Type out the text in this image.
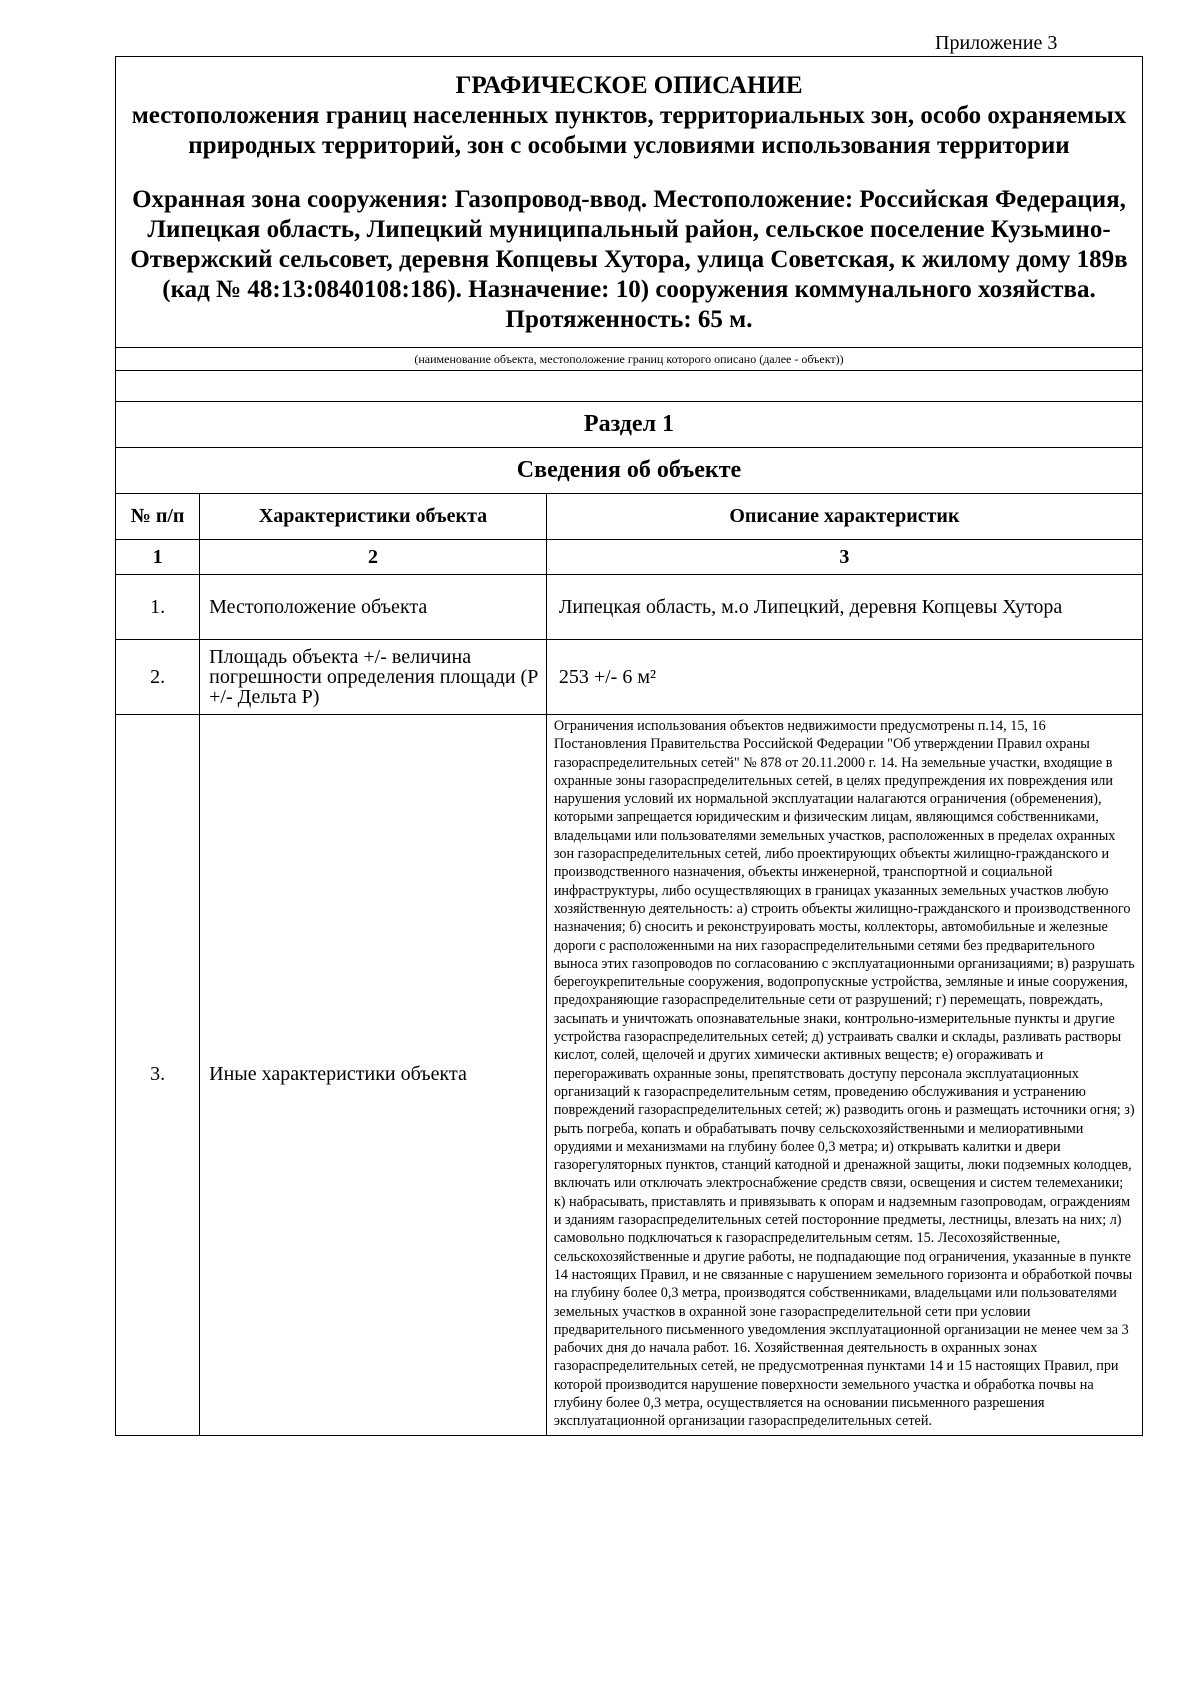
Приложение 3
ГРАФИЧЕСКОЕ ОПИСАНИЕ
местоположения границ населенных пунктов, территориальных зон, особо охраняемых природных территорий, зон с особыми условиями использования территории
Охранная зона сооружения: Газопровод-ввод. Местоположение: Российская Федерация, Липецкая область, Липецкий муниципальный район, сельское поселение Кузьмино-Отвержский сельсовет, деревня Копцевы Хутора, улица Советская, к жилому дому 189в (кад № 48:13:0840108:186). Назначение: 10) сооружения коммунального хозяйства. Протяженность: 65 м.
(наименование объекта, местоположение границ которого описано (далее - объект))
Раздел 1
Сведения об объекте
№ п/п	Характеристики объекта	Описание характеристик
1	2	3
1.	Местоположение объекта	Липецкая область, м.о Липецкий, деревня Копцевы Хутора
2.	Площадь объекта +/- величина погрешности определения площади (Р +/- Дельта Р)	253 +/- 6 м²
3.	Иные характеристики объекта	Ограничения использования объектов недвижимости предусмотрены п.14, 15, 16 Постановления Правительства Российской Федерации "Об утверждении Правил охраны газораспределительных сетей" № 878 от 20.11.2000 г. 14. На земельные участки, входящие в охранные зоны газораспределительных сетей, в целях предупреждения их повреждения или нарушения условий их нормальной эксплуатации налагаются ограничения (обременения), которыми запрещается юридическим и физическим лицам, являющимся собственниками, владельцами или пользователями земельных участков, расположенных в пределах охранных зон газораспределительных сетей, либо проектирующих объекты жилищно-гражданского и производственного назначения, объекты инженерной, транспортной и социальной инфраструктуры, либо осуществляющих в границах указанных земельных участков любую хозяйственную деятельность: а) строить объекты жилищно-гражданского и производственного назначения; б) сносить и реконструировать мосты, коллекторы, автомобильные и железные дороги с расположенными на них газораспределительными сетями без предварительного выноса этих газопроводов по согласованию с эксплуатационными организациями; в) разрушать берегоукрепительные сооружения, водопропускные устройства, земляные и иные сооружения, предохраняющие газораспределительные сети от разрушений; г) перемещать, повреждать, засыпать и уничтожать опознавательные знаки, контрольно-измерительные пункты и другие устройства газораспределительных сетей; д) устраивать свалки и склады, разливать растворы кислот, солей, щелочей и других химически активных веществ; е) огораживать и перегораживать охранные зоны, препятствовать доступу персонала эксплуатационных организаций к газораспределительным сетям, проведению обслуживания и устранению повреждений газораспределительных сетей; ж) разводить огонь и размещать источники огня; з) рыть погреба, копать и обрабатывать почву сельскохозяйственными и мелиоративными орудиями и механизмами на глубину более 0,3 метра; и) открывать калитки и двери газорегуляторных пунктов, станций катодной и дренажной защиты, люки подземных колодцев, включать или отключать электроснабжение средств связи, освещения и систем телемеханики; к) набрасывать, приставлять и привязывать к опорам и надземным газопроводам, ограждениям и зданиям газораспределительных сетей посторонние предметы, лестницы, влезать на них; л) самовольно подключаться к газораспределительным сетям. 15. Лесохозяйственные, сельскохозяйственные и другие работы, не подпадающие под ограничения, указанные в пункте 14 настоящих Правил, и не связанные с нарушением земельного горизонта и обработкой почвы на глубину более 0,3 метра, производятся собственниками, владельцами или пользователями земельных участков в охранной зоне газораспределительной сети при условии предварительного письменного уведомления эксплуатационной организации не менее чем за 3 рабочих дня до начала работ. 16. Хозяйственная деятельность в охранных зонах газораспределительных сетей, не предусмотренная пунктами 14 и 15 настоящих Правил, при которой производится нарушение поверхности земельного участка и обработка почвы на глубину более 0,3 метра, осуществляется на основании письменного разрешения эксплуатационной организации газораспределительных сетей.
